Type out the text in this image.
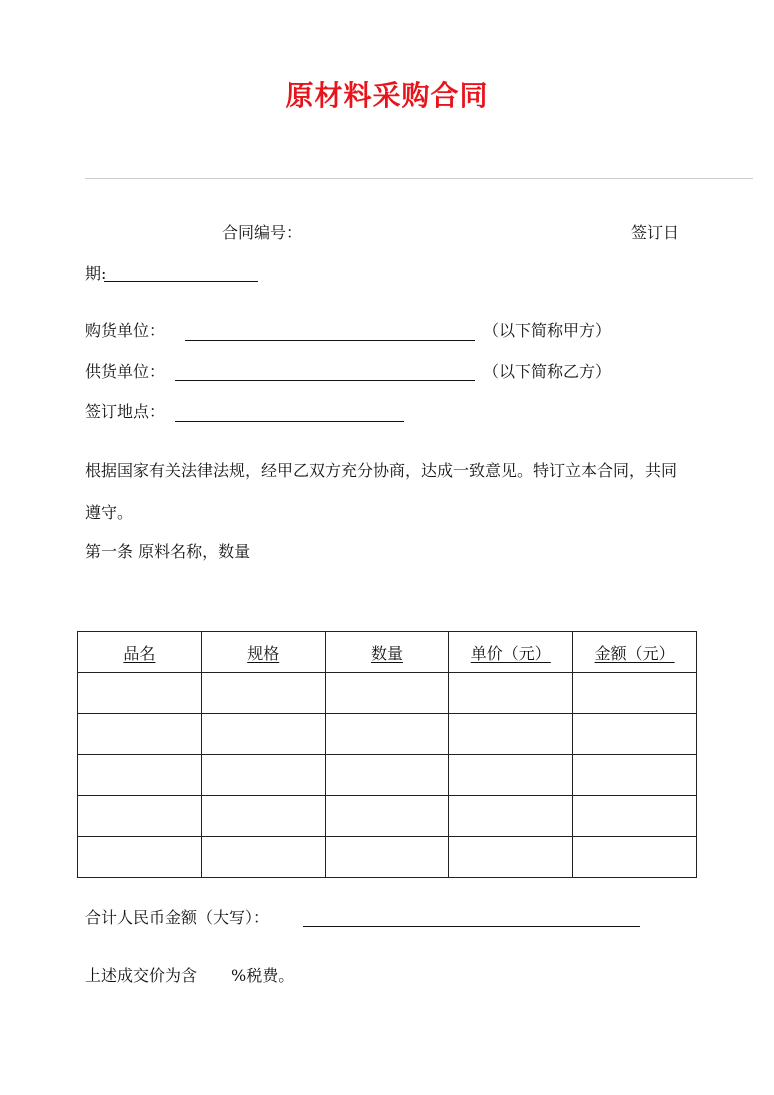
原材料采购合同
合同编号：	签订日
期:
购货单位：	（以下简称甲方）
供货单位：	（以下简称乙方）
签订地点：
根据国家有关法律法规，经甲乙双方充分协商，达成一致意见。特订立本合同，共同遵守。
第一条 原料名称，数量
品名	规格	数量	单价（元）	金额（元）

合计人民币金额（大写）：
上述成交价为含 %税费。
